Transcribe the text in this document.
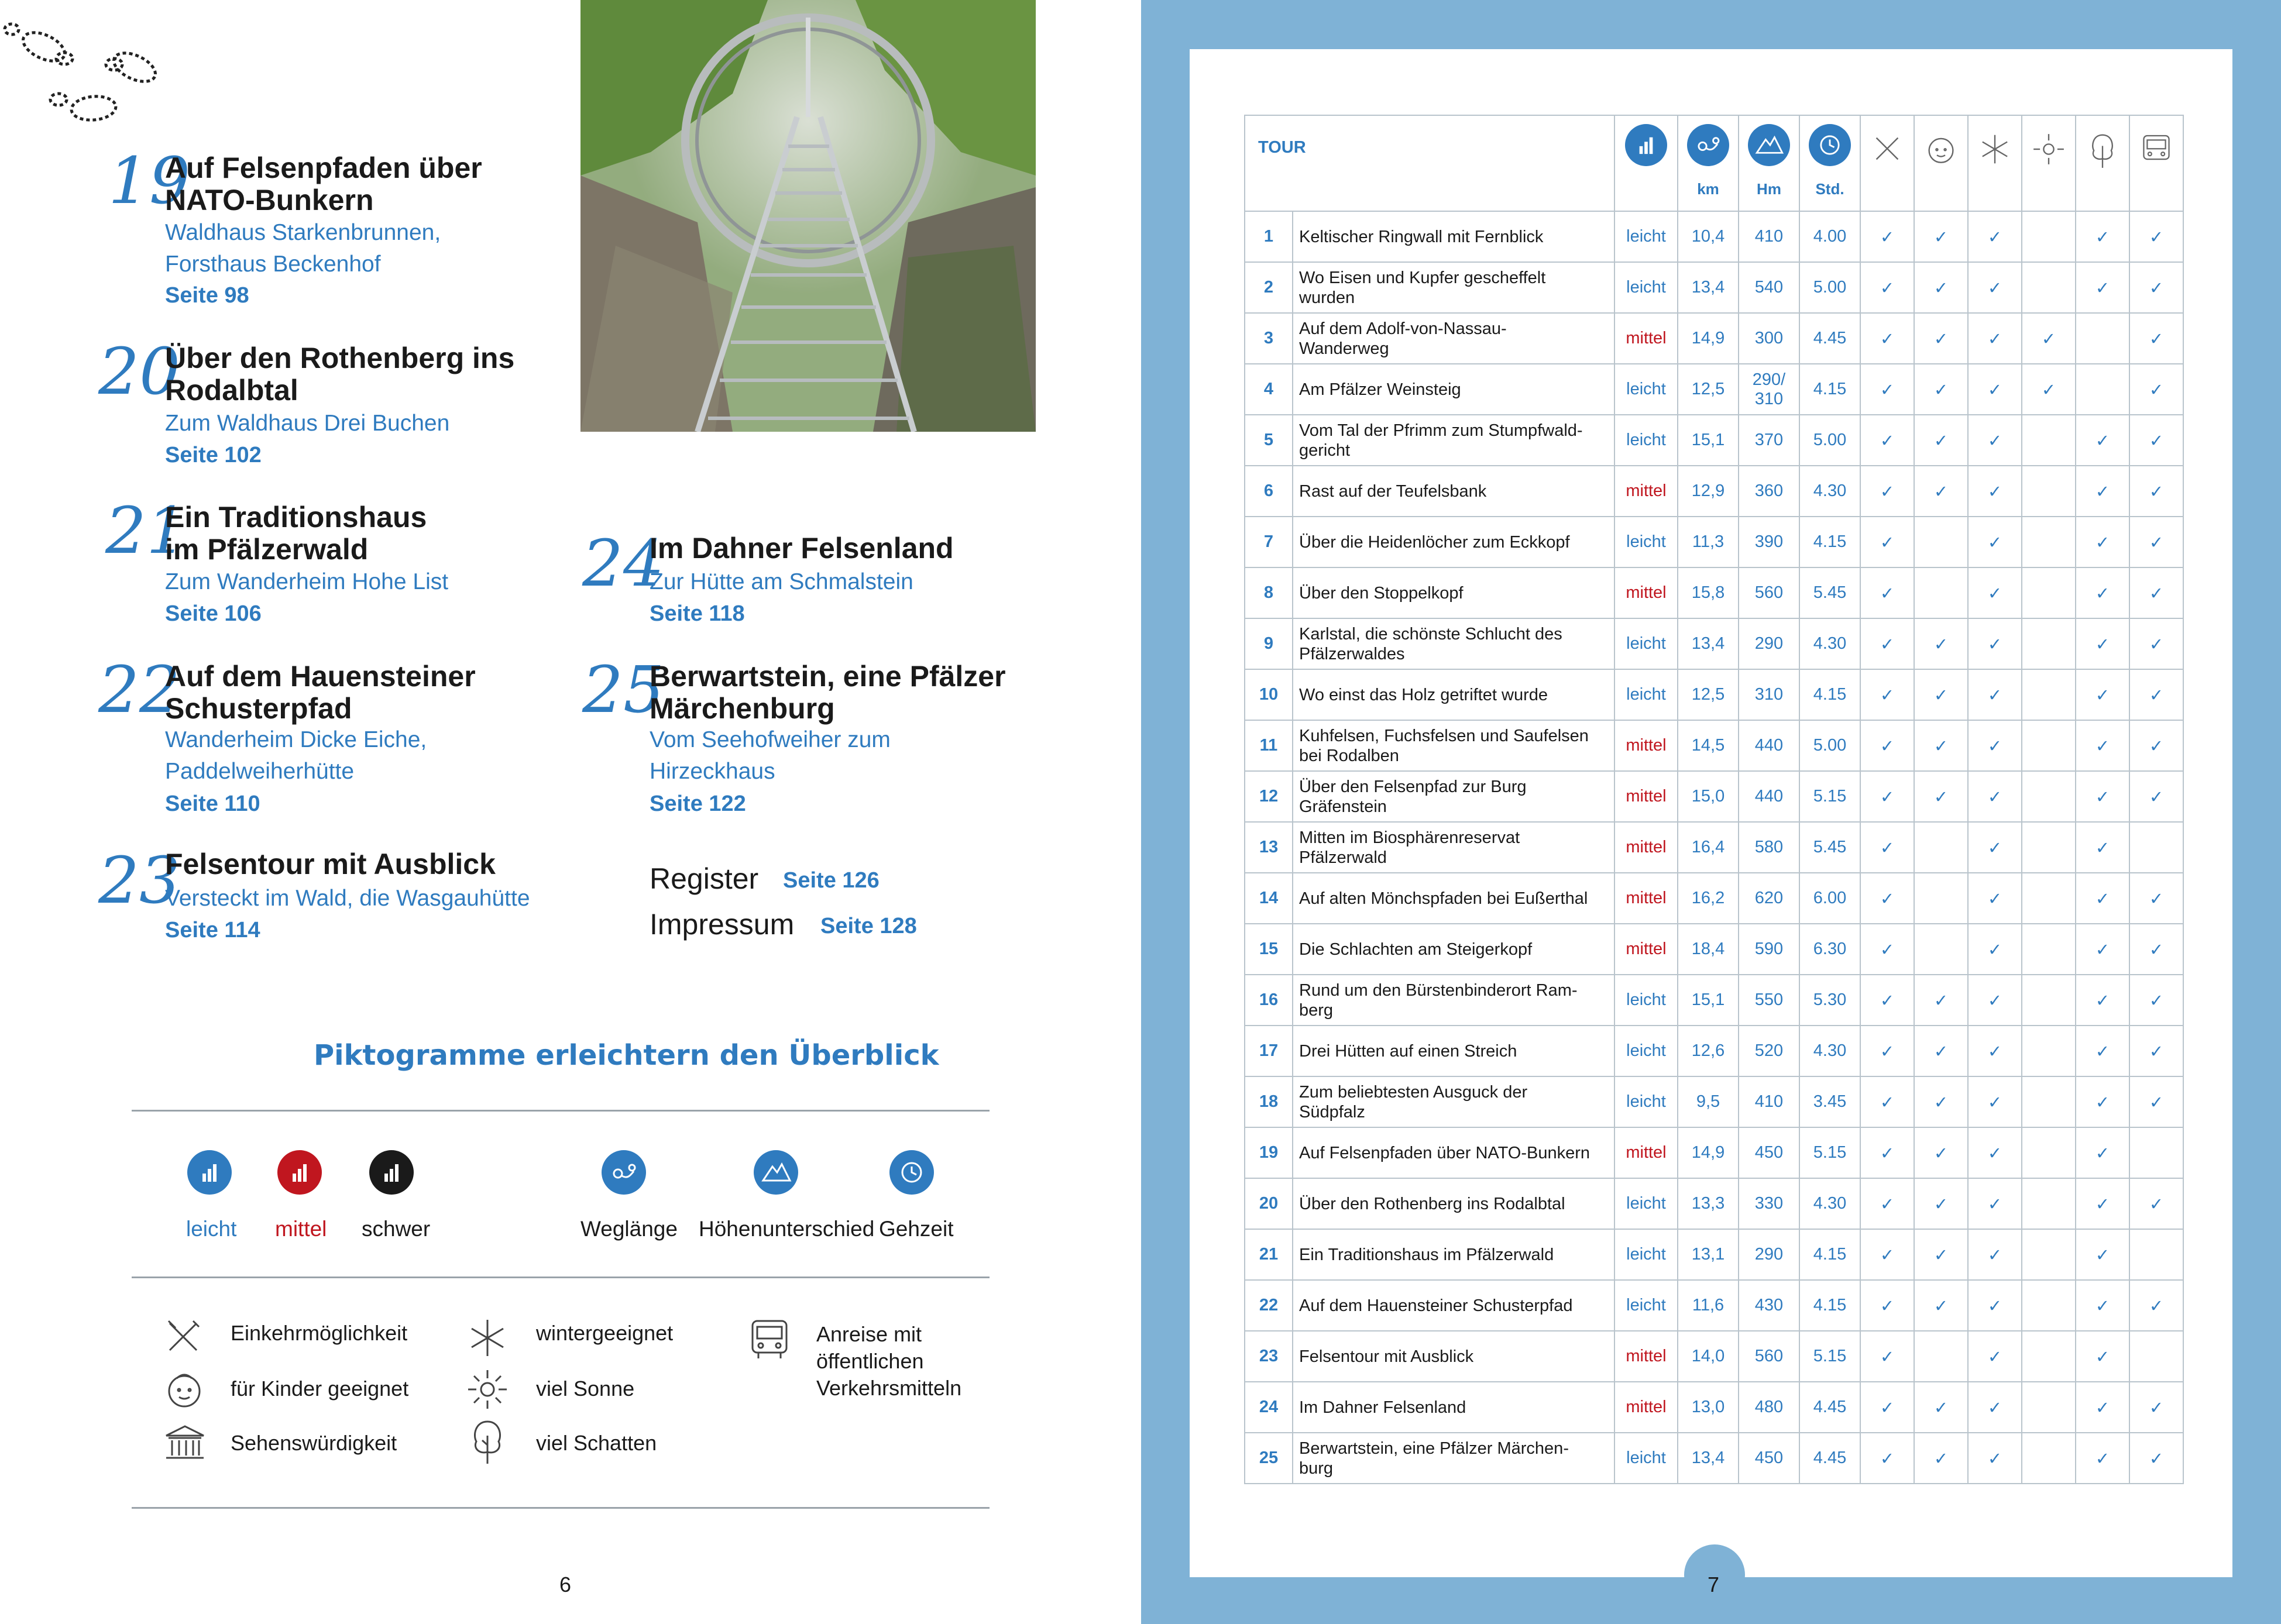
19
Auf Felsenpfaden über
NATO-Bunkern
Waldhaus Starkenbrunnen,
Forsthaus Beckenhof
Seite 98
20
Über den Rothenberg ins
Rodalbtal
Zum Waldhaus Drei Buchen
Seite 102
21
Ein Traditionshaus
im Pfälzerwald
Zum Wanderheim Hohe List
Seite 106
22
Auf dem Hauensteiner
Schusterpfad
Wanderheim Dicke Eiche,
Paddelweiherhütte
Seite 110
23
Felsentour mit Ausblick
Versteckt im Wald, die Wasgauhütte
Seite 114
24
Im Dahner Felsenland
Zur Hütte am Schmalstein
Seite 118
25
Berwartstein, eine Pfälzer
Märchenburg
Vom Seehofweiher zum
Hirzeckhaus
Seite 122
Register Seite 126
Impressum Seite 128
Piktogramme erleichtern den Überblick
leicht mittel schwer	Weglänge Höhenunterschied Gehzeit
Einkehrmöglichkeit
für Kinder geeignet
Sehenswürdigkeit
wintergeeignet
viel Sonne
viel Schatten
Anreise mit
öffentlichen
Verkehrsmitteln
6
TOUR			km	Hm	Std.

1	Keltischer Ringwall mit Fernblick	leicht	10,4	410	4.00	✓	✓	✓		✓	✓
2	Wo Eisen und Kupfer gescheffelt
wurden	leicht	13,4	540	5.00	✓	✓	✓		✓	✓
3	Auf dem Adolf-von-Nassau-
Wanderweg	mittel	14,9	300	4.45	✓	✓	✓	✓		✓
4	Am Pfälzer Weinsteig	leicht	12,5	290/
310	4.15	✓	✓	✓	✓		✓
5	Vom Tal der Pfrimm zum Stumpfwald-
gericht	leicht	15,1	370	5.00	✓	✓	✓		✓	✓
6	Rast auf der Teufelsbank	mittel	12,9	360	4.30	✓	✓	✓		✓	✓
7	Über die Heidenlöcher zum Eckkopf	leicht	11,3	390	4.15	✓		✓		✓	✓
8	Über den Stoppelkopf	mittel	15,8	560	5.45	✓		✓		✓	✓
9	Karlstal, die schönste Schlucht des
Pfälzerwaldes	leicht	13,4	290	4.30	✓	✓	✓		✓	✓
10	Wo einst das Holz getriftet wurde	leicht	12,5	310	4.15	✓	✓	✓		✓	✓
11	Kuhfelsen, Fuchsfelsen und Saufelsen
bei Rodalben	mittel	14,5	440	5.00	✓	✓	✓		✓	✓
12	Über den Felsenpfad zur Burg
Gräfenstein	mittel	15,0	440	5.15	✓	✓	✓		✓	✓
13	Mitten im Biosphärenreservat
Pfälzerwald	mittel	16,4	580	5.45	✓		✓		✓	
14	Auf alten Mönchspfaden bei Eußerthal	mittel	16,2	620	6.00	✓		✓		✓	✓
15	Die Schlachten am Steigerkopf	mittel	18,4	590	6.30	✓		✓		✓	✓
16	Rund um den Bürstenbinderort Ram-
berg	leicht	15,1	550	5.30	✓	✓	✓		✓	✓
17	Drei Hütten auf einen Streich	leicht	12,6	520	4.30	✓	✓	✓		✓	✓
18	Zum beliebtesten Ausguck der
Südpfalz	leicht	9,5	410	3.45	✓	✓	✓		✓	✓
19	Auf Felsenpfaden über NATO-Bunkern	mittel	14,9	450	5.15	✓	✓	✓		✓	
20	Über den Rothenberg ins Rodalbtal	leicht	13,3	330	4.30	✓	✓	✓		✓	✓
21	Ein Traditionshaus im Pfälzerwald	leicht	13,1	290	4.15	✓	✓	✓		✓	
22	Auf dem Hauensteiner Schusterpfad	leicht	11,6	430	4.15	✓	✓	✓		✓	✓
23	Felsentour mit Ausblick	mittel	14,0	560	5.15	✓		✓		✓	
24	Im Dahner Felsenland	mittel	13,0	480	4.45	✓	✓	✓		✓	✓
25	Berwartstein, eine Pfälzer Märchen-
burg	leicht	13,4	450	4.45	✓	✓	✓		✓	✓
7
